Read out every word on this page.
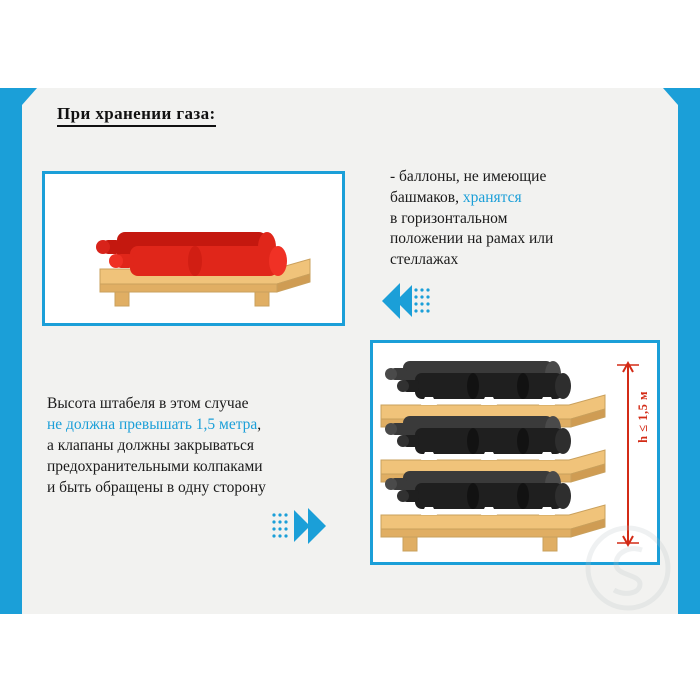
При хранении газа:
- баллоны, не имеющие
башмаков, хранятся
в горизонтальном
положении на рамах или
стеллажах
Высота штабеля в этом случае
не должна превышать 1,5 метра,
а клапаны должны закрываться
предохранительными колпаками
и быть обращены в одну сторону
h ≤ 1,5 м
